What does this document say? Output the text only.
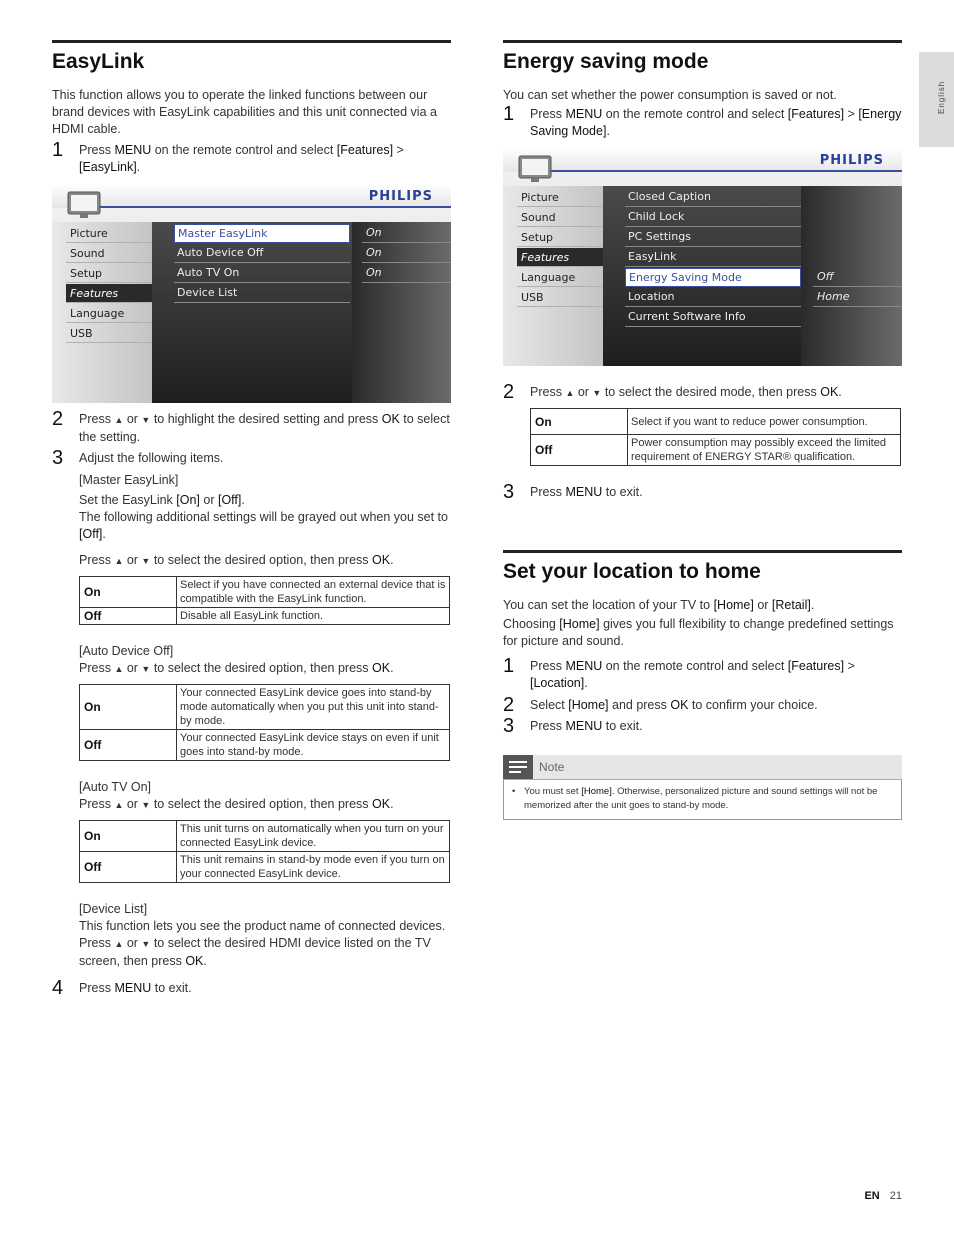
English
EasyLink

This function allows you to operate the linked functions between our brand devices with EasyLink capabilities and this unit connected via a HDMI cable.

1 Press MENU on the remote control and select [Features] > [EasyLink].
PHILIPS
Picture
Sound
Setup
Features
Language
USB
Master EasyLink
Auto Device Off
Auto TV On
Device List
On
On
On
2 Press ▲ or ▼ to highlight the desired setting and press OK to select the setting.
3 Adjust the following items.
[Master EasyLink]
Set the EasyLink [On] or [Off].
The following additional settings will be grayed out when you set to [Off].
Press ▲ or ▼ to select the desired option, then press OK.
On	Select if you have connected an external device that is compatible with the EasyLink function.
Off	Disable all EasyLink function.
[Auto Device Off]
Press ▲ or ▼ to select the desired option, then press OK.
On	Your connected EasyLink device goes into stand-by mode automatically when you put this unit into stand-by mode.
Off	Your connected EasyLink device stays on even if unit goes into stand-by mode.
[Auto TV On]
Press ▲ or ▼ to select the desired option, then press OK.
On	This unit turns on automatically when you turn on your connected EasyLink device.
Off	This unit remains in stand-by mode even if you turn on your connected EasyLink device.
[Device List]
This function lets you see the product name of connected devices.
Press ▲ or ▼ to select the desired HDMI device listed on the TV screen, then press OK.
4 Press MENU to exit.
Energy saving mode

You can set whether the power consumption is saved or not.

1 Press MENU on the remote control and select [Features] > [Energy Saving Mode].
PHILIPS
Picture
Sound
Setup
Features
Language
USB
Closed Caption
Child Lock
PC Settings
EasyLink
Energy Saving Mode
Location
Current Software Info
Off
Home
2 Press ▲ or ▼ to select the desired mode, then press OK.
On	Select if you want to reduce power consumption.
Off	Power consumption may possibly exceed the limited requirement of ENERGY STAR® qualification.
3 Press MENU to exit.
Set your location to home

You can set the location of your TV to [Home] or [Retail].

Choosing [Home] gives you full flexibility to change predefined settings for picture and sound.

1 Press MENU on the remote control and select [Features] > [Location].
2 Select [Home] and press OK to confirm your choice.
3 Press MENU to exit.
Note
• You must set [Home]. Otherwise, personalized picture and sound settings will not be memorized after the unit goes to stand-by mode.
EN 21
